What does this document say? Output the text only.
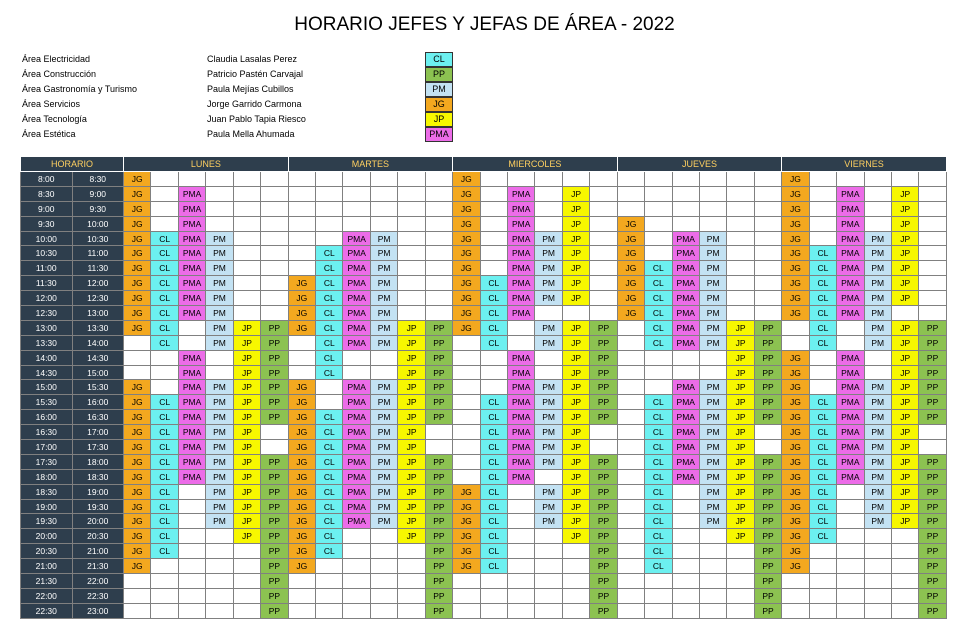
HORARIO JEFES Y JEFAS DE ÁREA - 2022
Área Electricidad	Claudia Lasalas Perez	CL
Área Construcción	Patricio Pastén Carvajal	PP
Área Gastronomía y Turismo	Paula Mejías Cubillos	PM
Área Servicios	Jorge Garrido Carmona	JG
Área Tecnología	Juan Pablo Tapia Riesco	JP
Área Estética	Paula Mella Ahumada	PMA
HORARIO		LUNES						MARTES						MIERCOLES						JUEVES						VIERNES					
8:00	8:30	JG												JG												JG					
8:30	9:00	JG		PMA										JG		PMA		JP								JG		PMA		JP	
9:00	9:30	JG		PMA										JG		PMA		JP								JG		PMA		JP	
9:30	10:00	JG		PMA										JG		PMA		JP		JG						JG		PMA		JP	
10:00	10:30	JG	CL	PMA	PM					PMA	PM			JG		PMA	PM	JP		JG		PMA	PM			JG		PMA	PM	JP	
10:30	11:00	JG	CL	PMA	PM				CL	PMA	PM			JG		PMA	PM	JP		JG		PMA	PM			JG	CL	PMA	PM	JP	
11:00	11:30	JG	CL	PMA	PM				CL	PMA	PM			JG		PMA	PM	JP		JG	CL	PMA	PM			JG	CL	PMA	PM	JP	
11:30	12:00	JG	CL	PMA	PM			JG	CL	PMA	PM			JG	CL	PMA	PM	JP		JG	CL	PMA	PM			JG	CL	PMA	PM	JP	
12:00	12:30	JG	CL	PMA	PM			JG	CL	PMA	PM			JG	CL	PMA	PM	JP		JG	CL	PMA	PM			JG	CL	PMA	PM	JP	
12:30	13:00	JG	CL	PMA	PM			JG	CL	PMA	PM			JG	CL	PMA				JG	CL	PMA	PM			JG	CL	PMA	PM		
13:00	13:30	JG	CL		PM	JP	PP	JG	CL	PMA	PM	JP	PP	JG	CL		PM	JP	PP		CL	PMA	PM	JP	PP		CL		PM	JP	PP
13:30	14:00		CL		PM	JP	PP		CL	PMA	PM	JP	PP		CL		PM	JP	PP		CL	PMA	PM	JP	PP		CL		PM	JP	PP
14:00	14:30			PMA		JP	PP		CL			JP	PP			PMA		JP	PP					JP	PP	JG		PMA		JP	PP
14:30	15:00			PMA		JP	PP		CL			JP	PP			PMA		JP	PP					JP	PP	JG		PMA		JP	PP
15:00	15:30	JG		PMA	PM	JP	PP	JG		PMA	PM	JP	PP			PMA	PM	JP	PP			PMA	PM	JP	PP	JG		PMA	PM	JP	PP
15:30	16:00	JG	CL	PMA	PM	JP	PP	JG		PMA	PM	JP	PP		CL	PMA	PM	JP	PP		CL	PMA	PM	JP	PP	JG	CL	PMA	PM	JP	PP
16:00	16:30	JG	CL	PMA	PM	JP	PP	JG	CL	PMA	PM	JP	PP		CL	PMA	PM	JP	PP		CL	PMA	PM	JP	PP	JG	CL	PMA	PM	JP	PP
16:30	17:00	JG	CL	PMA	PM	JP		JG	CL	PMA	PM	JP			CL	PMA	PM	JP			CL	PMA	PM	JP		JG	CL	PMA	PM	JP	
17:00	17:30	JG	CL	PMA	PM	JP		JG	CL	PMA	PM	JP			CL	PMA	PM	JP			CL	PMA	PM	JP		JG	CL	PMA	PM	JP	
17:30	18:00	JG	CL	PMA	PM	JP	PP	JG	CL	PMA	PM	JP	PP		CL	PMA	PM	JP	PP		CL	PMA	PM	JP	PP	JG	CL	PMA	PM	JP	PP
18:00	18:30	JG	CL	PMA	PM	JP	PP	JG	CL	PMA	PM	JP	PP		CL	PMA		JP	PP		CL	PMA	PM	JP	PP	JG	CL	PMA	PM	JP	PP
18:30	19:00	JG	CL		PM	JP	PP	JG	CL	PMA	PM	JP	PP	JG	CL		PM	JP	PP		CL		PM	JP	PP	JG	CL		PM	JP	PP
19:00	19:30	JG	CL		PM	JP	PP	JG	CL	PMA	PM	JP	PP	JG	CL		PM	JP	PP		CL		PM	JP	PP	JG	CL		PM	JP	PP
19:30	20:00	JG	CL		PM	JP	PP	JG	CL	PMA	PM	JP	PP	JG	CL		PM	JP	PP		CL		PM	JP	PP	JG	CL		PM	JP	PP
20:00	20:30	JG	CL			JP	PP	JG	CL			JP	PP	JG	CL			JP	PP		CL			JP	PP	JG	CL				PP
20:30	21:00	JG	CL				PP	JG	CL				PP	JG	CL				PP		CL				PP	JG					PP
21:00	21:30	JG					PP	JG					PP	JG	CL				PP		CL				PP	JG					PP
21:30	22:00						PP						PP						PP						PP						PP
22:00	22:30						PP						PP						PP						PP						PP
22:30	23:00						PP						PP						PP						PP						PP
